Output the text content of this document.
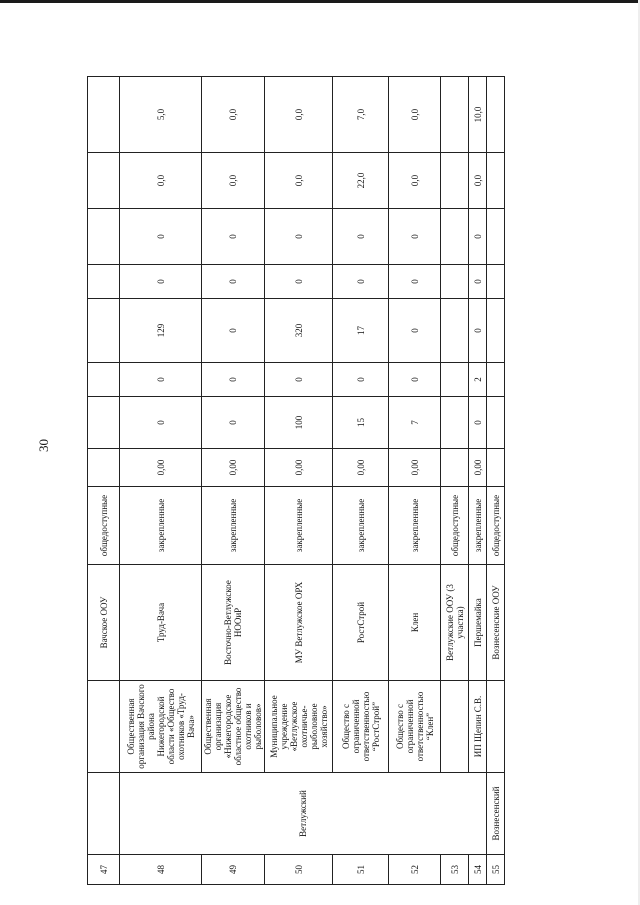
30
47			Вачское ООУ	общедоступные								
48	Ветлужский	Общественная организация Вачского района Нижегородской области «Общество охотников «Труд-Вача»	Труд-Вача	закрепленные	0,00	0	0	129	0	0	0,0	5,0
49		Общественная организация «Нижегородское областное общество охотников и рыболовов»	Восточно-Ветлужское НООиР	закрепленные	0,00	0	0	0	0	0	0,0	0,0
50		Муниципальное учреждение «Ветлужское охотничье-рыболовное хозяйство»	МУ Ветлужское ОРХ	закрепленные	0,00	100	0	320	0	0	0,0	0,0
51		Общество с ограниченной ответственностью “РостСтрой”	РостСтрой	закрепленные	0,00	15	0	17	0	0	22,0	7,0
52		Общество с ограниченной ответственностью “Клен”	Клен	закрепленные	0,00	7	0	0	0	0	0,0	0,0
53			Ветлужские ООУ (3 участка)	общедоступные								
54		ИП Щепин С.В.	Першемайка	закрепленные	0,00	0	2	0	0	0	0,0	10,0
55	Вознесенский		Вознесенские ООУ	общедоступные								
